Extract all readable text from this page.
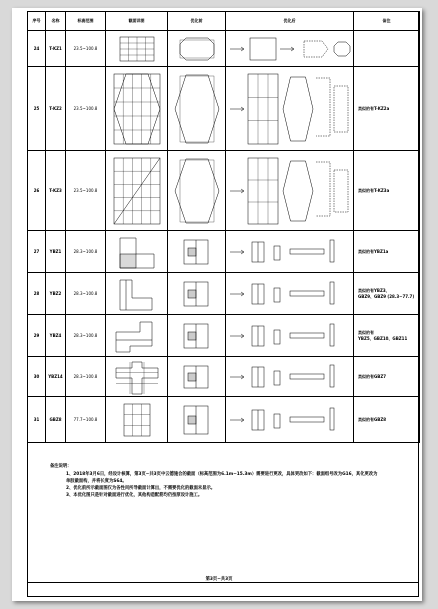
序号	名称	标高范围	截面详图	优化前	优化后	备注
24	T-KZ1	23.5~100.8	

25	T-KZ2	23.5~100.8				类似的有T-KZ2a
26	T-KZ3	23.5~100.8				类似的有T-KZ3a
27	YBZ1	28.3~100.8				类似的有YBZ1a
28	YBZ2	28.3~100.8				类似的有YBZ3、
GBZ9、GBZ9 (28.3~77.7)
29	YBZ4	28.3~100.8				类似的有
YBZ5、GBZ10、GBZ11
30	YBZ14	28.3~100.8				类似的有GBZ7
31	GBZ8	77.7~100.8				类似的有GBZ8
备注说明：
1、2018年3月6日，经设计核算，第3页~共3页中云德施合的截面（标高范围为6.1m~15.3m）需要进行更改，具体更改如下：截面组号改为G16，其化更改为单肢截面构，并将长度为S64。
2、优化前所示截面图仅为各性问所导截面计算出，不需要优化的截面未显示。
3、本优化图只是针对截面进行优化，其他构造配筋均仍按原设计施工。
第3页~共3页
